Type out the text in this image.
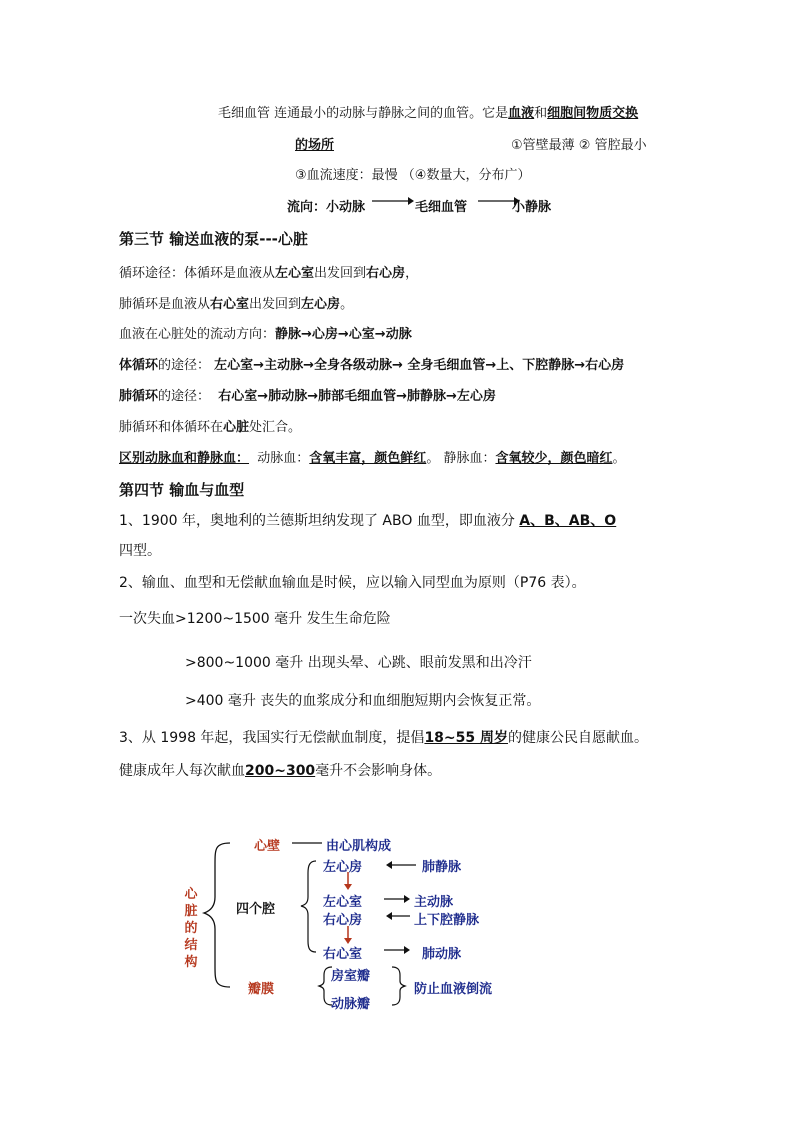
毛细血管 连通最小的动脉与静脉之间的血管。它是血液和细胞间物质交换
的场所	①管壁最薄 ② 管腔最小
③血流速度：最慢 （④数量大，分布广）
流向：小动脉	毛细血管	小静脉
第三节 输送血液的泵---心脏
循环途径：体循环是血液从左心室出发回到右心房，
肺循环是血液从右心室出发回到左心房。
血液在心脏处的流动方向：静脉→心房→心室→动脉
体循环的途径： 左心室→主动脉→全身各级动脉→ 全身毛细血管→上、下腔静脉→右心房
肺循环的途径： 右心室→肺动脉→肺部毛细血管→肺静脉→左心房
肺循环和体循环在心脏处汇合。
区别动脉血和静脉血： 动脉血：含氧丰富，颜色鲜红。 静脉血：含氧较少，颜色暗红。
第四节 输血与血型
1、1900 年，奥地利的兰德斯坦纳发现了 ABO 血型，即血液分 A、B、AB、O
四型。
2、输血、血型和无偿献血输血是时候，应以输入同型血为原则（P76 表）。
一次失血>1200~1500 毫升 发生生命危险
>800~1000 毫升 出现头晕、心跳、眼前发黑和出冷汗
>400 毫升 丧失的血浆成分和血细胞短期内会恢复正常。
3、从 1998 年起，我国实行无偿献血制度，提倡18~55 周岁的健康公民自愿献血。
健康成年人每次献血200~300毫升不会影响身体。
心脏的结构
心壁	由心肌构成
四个腔
左心房	肺静脉
左心室	主动脉
右心房	上下腔静脉
右心室	肺动脉
瓣膜
房室瓣
动脉瓣
防止血液倒流
